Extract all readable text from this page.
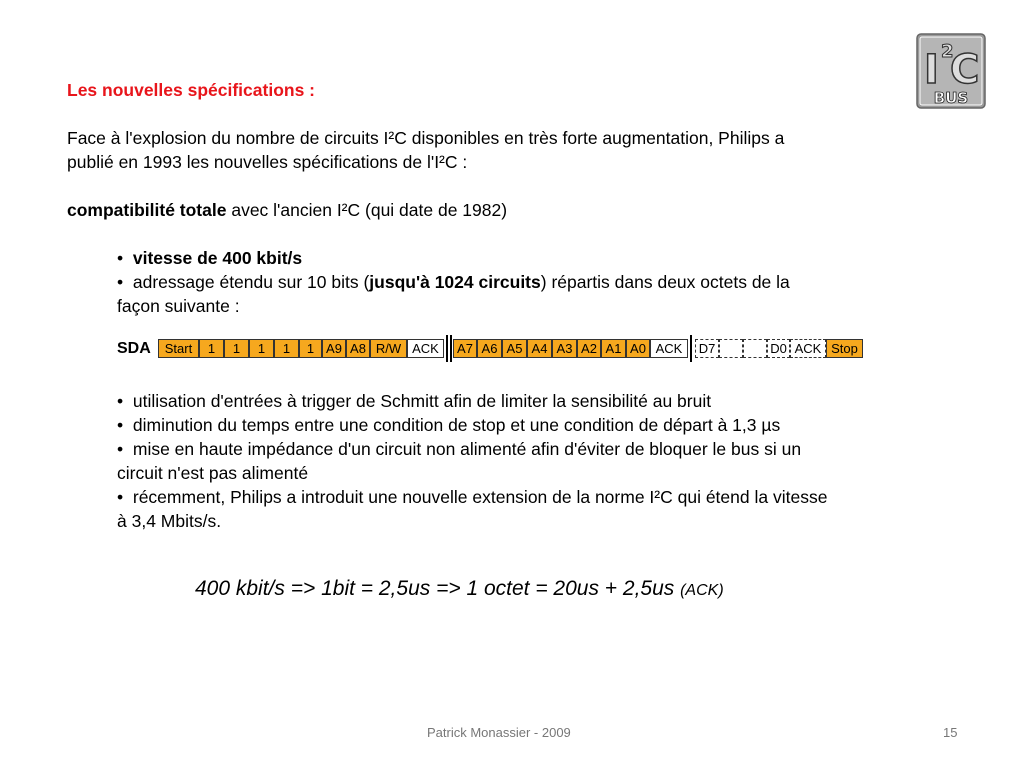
I 2
C
BUS
Les nouvelles spécifications :
Face à l'explosion du nombre de circuits I²C disponibles en très forte augmentation, Philips a
publié en 1993 les nouvelles spécifications de l'I²C :
compatibilité totale avec l'ancien I²C (qui date de 1982)
• vitesse de 400 kbit/s
• adressage étendu sur 10 bits (jusqu'à 1024 circuits) répartis dans deux octets de la
façon suivante :
SDA	Start	1	1	1	1	1 A9 A8 R/W ACK	A7 A6 A5 A4 A3 A2 A1 A0 ACK	D7	D0 ACK Stop
• utilisation d'entrées à trigger de Schmitt afin de limiter la sensibilité au bruit
• diminution du temps entre une condition de stop et une condition de départ à 1,3 µs
• mise en haute impédance d'un circuit non alimenté afin d'éviter de bloquer le bus si un
circuit n'est pas alimenté
• récemment, Philips a introduit une nouvelle extension de la norme I²C qui étend la vitesse
à 3,4 Mbits/s.
400 kbit/s => 1bit = 2,5us => 1 octet = 20us + 2,5us (ACK)
Patrick Monassier - 2009	15
